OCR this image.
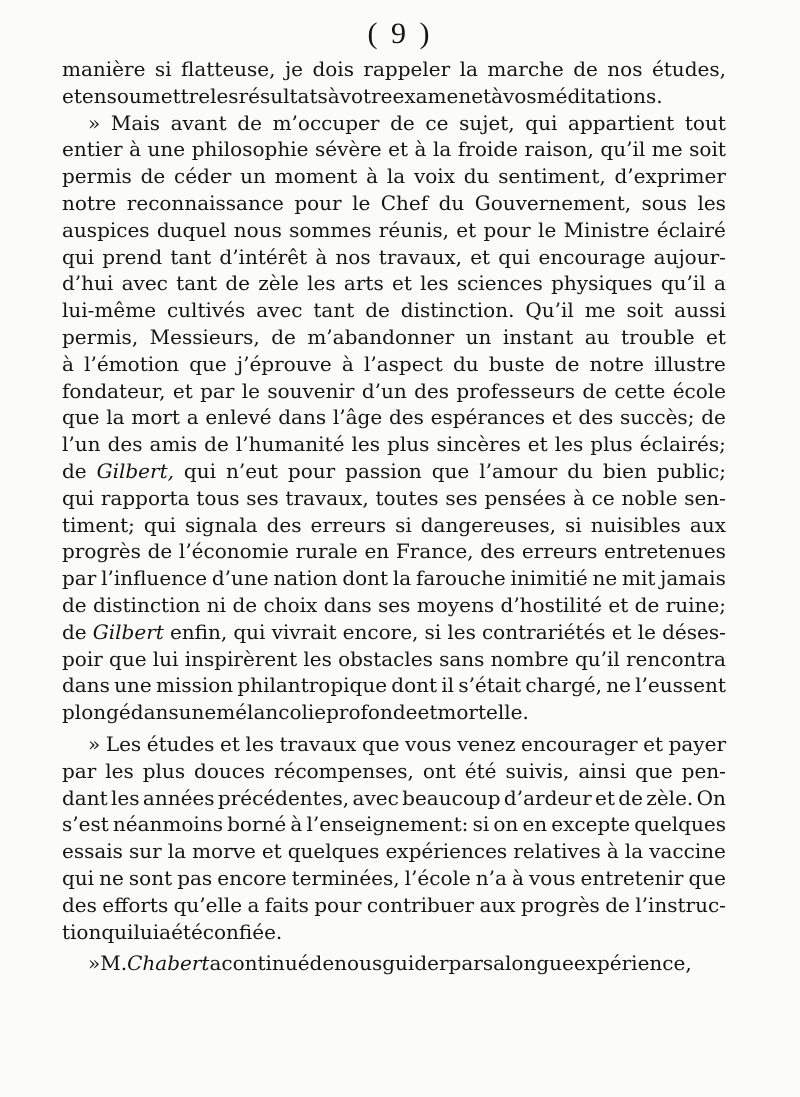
( 9 )
manière si flatteuse, je dois rappeler la marche de nos études,
et en soumettre les résultats à votre examen et à vos méditations.
» Mais avant de m’occuper de ce sujet, qui appartient tout
entier à une philosophie sévère et à la froide raison, qu’il me soit
permis de céder un moment à la voix du sentiment, d’exprimer
notre reconnaissance pour le Chef du Gouvernement, sous les
auspices duquel nous sommes réunis, et pour le Ministre éclairé
qui prend tant d’intérêt à nos travaux, et qui encourage aujour-
d’hui avec tant de zèle les arts et les sciences physiques qu’il a
lui-même cultivés avec tant de distinction. Qu’il me soit aussi
permis, Messieurs, de m’abandonner un instant au trouble et
à l’émotion que j’éprouve à l’aspect du buste de notre illustre
fondateur, et par le souvenir d’un des professeurs de cette école
que la mort a enlevé dans l’âge des espérances et des succès; de
l’un des amis de l’humanité les plus sincères et les plus éclairés;
de Gilbert, qui n’eut pour passion que l’amour du bien public;
qui rapporta tous ses travaux, toutes ses pensées à ce noble sen-
timent; qui signala des erreurs si dangereuses, si nuisibles aux
progrès de l’économie rurale en France, des erreurs entretenues
par l’influence d’une nation dont la farouche inimitié ne mit jamais
de distinction ni de choix dans ses moyens d’hostilité et de ruine;
de Gilbert enfin, qui vivrait encore, si les contrariétés et le déses-
poir que lui inspirèrent les obstacles sans nombre qu’il rencontra
dans une mission philantropique dont il s’était chargé, ne l’eussent
plongé dans une mélancolie profonde et mortelle.
» Les études et les travaux que vous venez encourager et payer
par les plus douces récompenses, ont été suivis, ainsi que pen-
dant les années précédentes, avec beaucoup d’ardeur et de zèle. On
s’est néanmoins borné à l’enseignement: si on en excepte quelques
essais sur la morve et quelques expériences relatives à la vaccine
qui ne sont pas encore terminées, l’école n’a à vous entretenir que
des efforts qu’elle a faits pour contribuer aux progrès de l’instruc-
tion qui lui a été confiée.
» M. Chabert a continué de nous guider par sa longue expérience,
